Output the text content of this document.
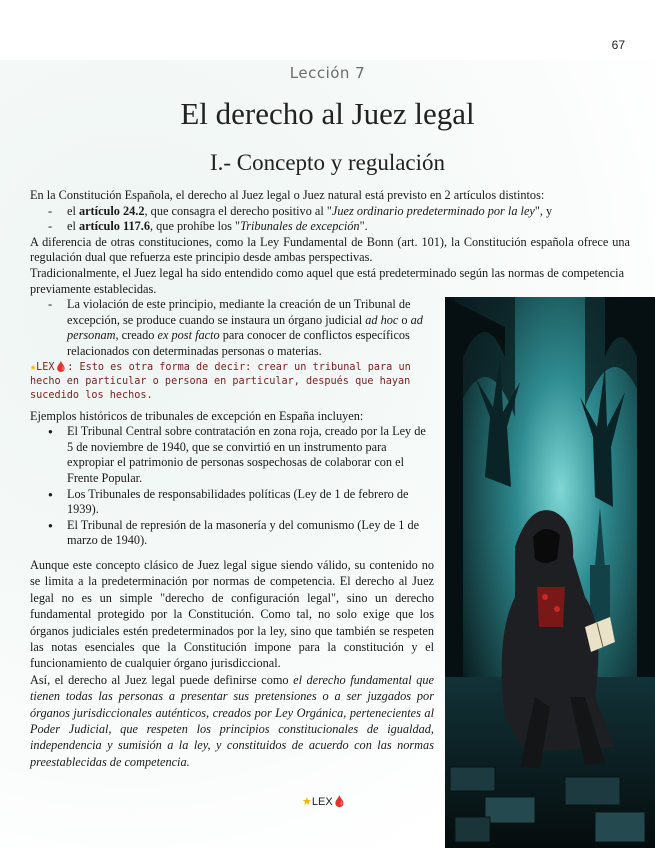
67
Lección 7
El derecho al Juez legal
I.- Concepto y regulación

En la Constitución Española, el derecho al Juez legal o Juez natural está previsto en 2 artículos distintos:

- el artículo 24.2, que consagra el derecho positivo al "Juez ordinario predeterminado por la ley", y
- el artículo 117.6, que prohíbe los "Tribunales de excepción".

A diferencia de otras constituciones, como la Ley Fundamental de Bonn (art. 101), la Constitución española ofrece una regulación dual que refuerza este principio desde ambas perspectivas.

Tradicionalmente, el Juez legal ha sido entendido como aquel que está predeterminado según las normas de competencia previamente establecidas.

- La violación de este principio, mediante la creación de un Tribunal de excepción, se produce cuando se instaura un órgano judicial ad hoc o ad personam, creado ex post facto para conocer de conflictos específicos relacionados con determinadas personas o materias.

★LEX🩸: Esto es otra forma de decir: crear un tribunal para un hecho en particular o persona en particular, después que hayan sucedido los hechos.

Ejemplos históricos de tribunales de excepción en España incluyen:

● El Tribunal Central sobre contratación en zona roja, creado por la Ley de 5 de noviembre de 1940, que se convirtió en un instrumento para expropiar el patrimonio de personas sospechosas de colaborar con el Frente Popular.
● Los Tribunales de responsabilidades políticas (Ley de 1 de febrero de 1939).
● El Tribunal de represión de la masonería y del comunismo (Ley de 1 de marzo de 1940).

Aunque este concepto clásico de Juez legal sigue siendo válido, su contenido no se limita a la predeterminación por normas de competencia. El derecho al Juez legal no es un simple "derecho de configuración legal", sino un derecho fundamental protegido por la Constitución. Como tal, no solo exige que los órganos judiciales estén predeterminados por la ley, sino que también se respeten las notas esenciales que la Constitución impone para la constitución y el funcionamiento de cualquier órgano jurisdiccional.

Así, el derecho al Juez legal puede definirse como el derecho fundamental que tienen todas las personas a presentar sus pretensiones o a ser juzgados por órganos jurisdiccionales auténticos, creados por Ley Orgánica, pertenecientes al Poder Judicial, que respeten los principios constitucionales de igualdad, independencia y sumisión a la ley, y constituidos de acuerdo con las normas preestablecidas de competencia.

★LEX🩸
